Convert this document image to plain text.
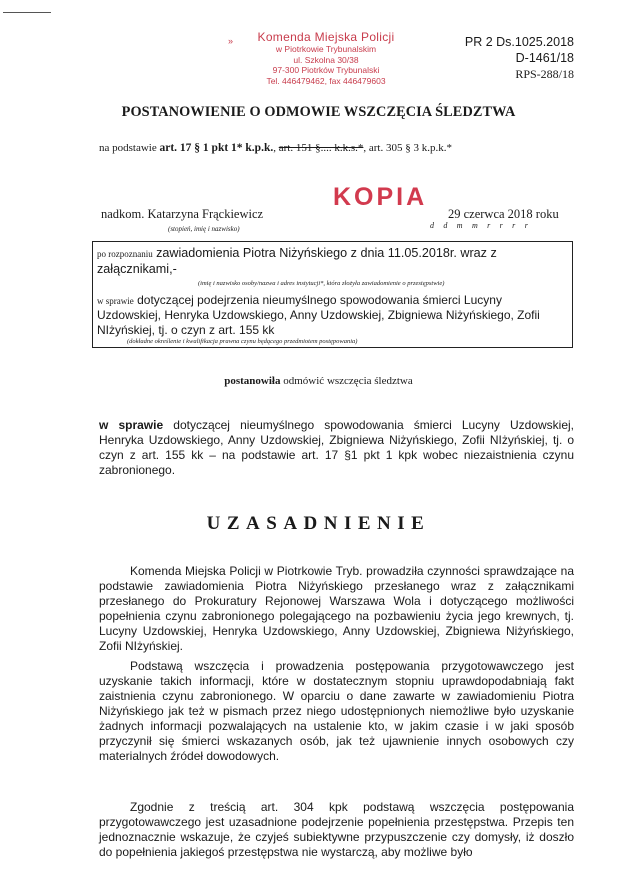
»	Komenda Miejska Policji
w Piotrkowie Trybunalskim
ul. Szkolna 30/38
97-300 Piotrków Trybunalski
Tel. 446479462, fax 446479603
PR 2 Ds.1025.2018
D-1461/18
RPS-288/18
POSTANOWIENIE O ODMOWIE WSZCZĘCIA ŚLEDZTWA
na podstawie art. 17 § 1 pkt 1* k.p.k., art. 151 §.... k.k.s.*, art. 305 § 3 k.p.k.*
KOPIA
nadkom. Katarzyna Frąckiewicz
(stopień, imię i nazwisko)
29 czerwca 2018 roku
d d m m r r r r
po rozpoznaniu zawiadomienia Piotra Niżyńskiego z dnia 11.05.2018r. wraz z
załącznikami,-
(imię i nazwisko osoby/nazwa i adres instytucji*, która złożyła zawiadomienie o przestępstwie)
w sprawie dotyczącej podejrzenia nieumyślnego spowodowania śmierci Lucyny
Uzdowskiej, Henryka Uzdowskiego, Anny Uzdowskiej, Zbigniewa Niżyńskiego, Zofii
NIżyńskiej, tj. o czyn z art. 155 kk
(dokładne określenie i kwalifikacja prawna czynu będącego przedmiotem postępowania)
postanowiła odmówić wszczęcia śledztwa
w sprawie dotyczącej nieumyślnego spowodowania śmierci Lucyny Uzdowskiej, Henryka Uzdowskiego, Anny Uzdowskiej, Zbigniewa Niżyńskiego, Zofii NIżyńskiej, tj. o czyn z art. 155 kk – na podstawie art. 17 §1 pkt 1 kpk wobec niezaistnienia czynu zabronionego.
UZASADNIENIE
Komenda Miejska Policji w Piotrkowie Tryb. prowadziła czynności sprawdzające na podstawie zawiadomienia Piotra Niżyńskiego przesłanego wraz z załącznikami przesłanego do Prokuratury Rejonowej Warszawa Wola i dotyczącego możliwości popełnienia czynu zabronionego polegającego na pozbawieniu życia jego krewnych, tj. Lucyny Uzdowskiej, Henryka Uzdowskiego, Anny Uzdowskiej, Zbigniewa Niżyńskiego, Zofii NIżyńskiej.
Podstawą wszczęcia i prowadzenia postępowania przygotowawczego jest uzyskanie takich informacji, które w dostatecznym stopniu uprawdopodabniają fakt zaistnienia czynu zabronionego. W oparciu o dane zawarte w zawiadomieniu Piotra Niżyńskiego jak też w pismach przez niego udostępnionych niemożliwe było uzyskanie żadnych informacji pozwalających na ustalenie kto, w jakim czasie i w jaki sposób przyczynił się śmierci wskazanych osób, jak też ujawnienie innych osobowych czy materialnych źródeł dowodowych.
Zgodnie z treścią art. 304 kpk podstawą wszczęcia postępowania przygotowawczego jest uzasadnione podejrzenie popełnienia przestępstwa. Przepis ten jednoznacznie wskazuje, że czyjeś subiektywne przypuszczenie czy domysły, iż doszło do popełnienia jakiegoś przestępstwa nie wystarczą, aby możliwe było
